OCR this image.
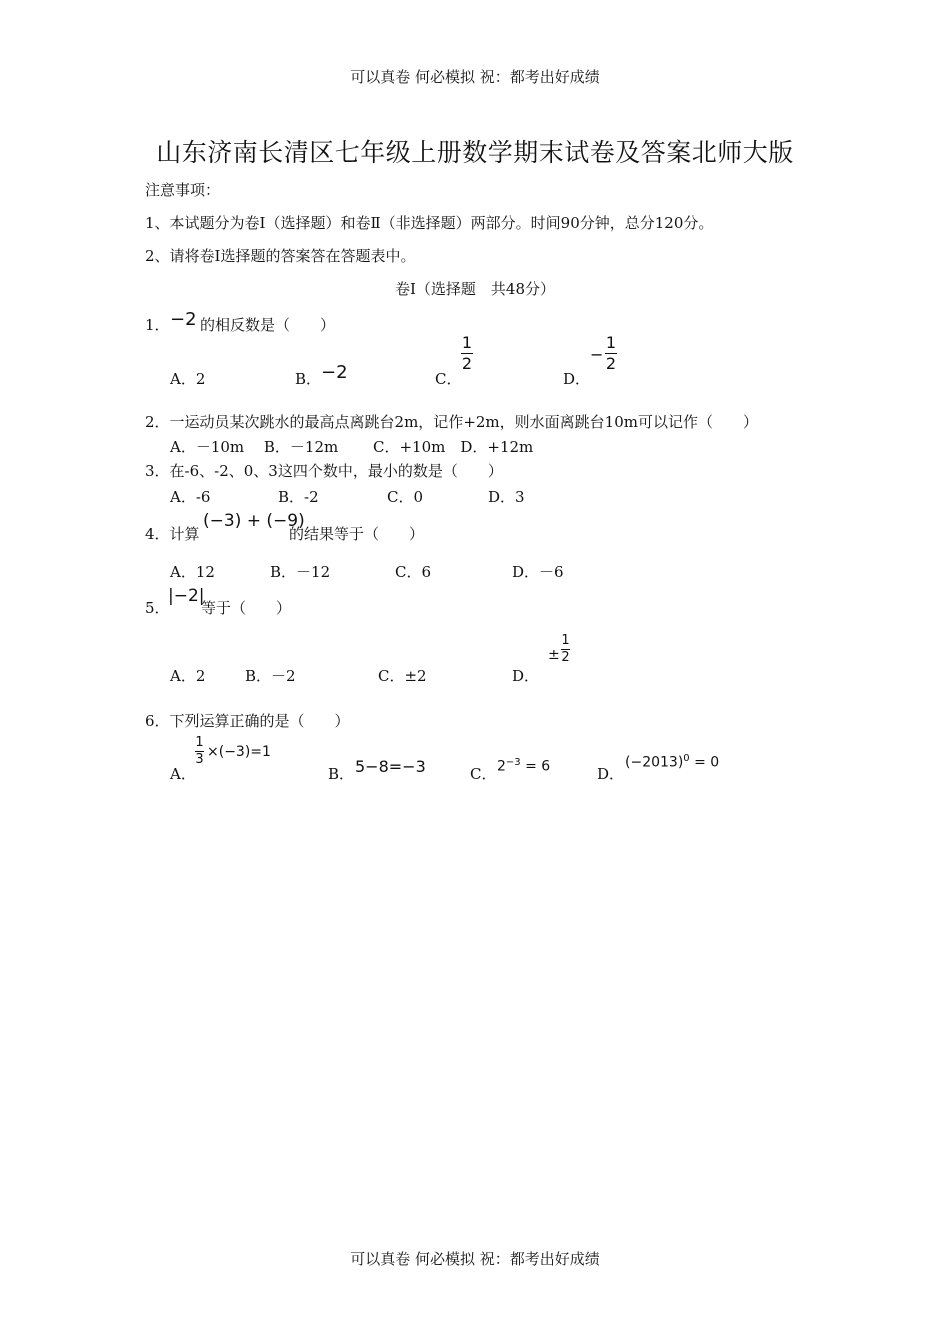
可以真卷 何必模拟 祝：都考出好成绩
山东济南长清区七年级上册数学期末试卷及答案北师大版
注意事项：
1、本试题分为卷Ⅰ（选择题）和卷Ⅱ（非选择题）两部分。时间90分钟，总分120分。
2、请将卷Ⅰ选择题的答案答在答题表中。
卷Ⅰ（选择题　共48分）
1． −2 的相反数是（　　）
A．2	B． −2	C．
1
2
D．
−
1
2
2．一运动员某次跳水的最高点离跳台2m，记作+2m，则水面离跳台10m可以记作（　　）
A．－10m　 B．－12m　　 C．+10m　D．+12m
3．在-6、-2、0、3这四个数中，最小的数是（　　）
A．-6	B．-2	C．0	D．3
4．计算
(−3) + (−9)
的结果等于（　　）
A．12	B．－12	C．6	D．－6
5．
|−2|
等于（　　）
A．2	B．－2	C．±2	D．
±
1
2
6．下列运算正确的是（　　）
A．
1
3 ×(−3)=1
B． 5−8=−3	C． $2^{-3} = 6$	D．
$(-2013)^0 = 0$
可以真卷 何必模拟 祝：都考出好成绩
